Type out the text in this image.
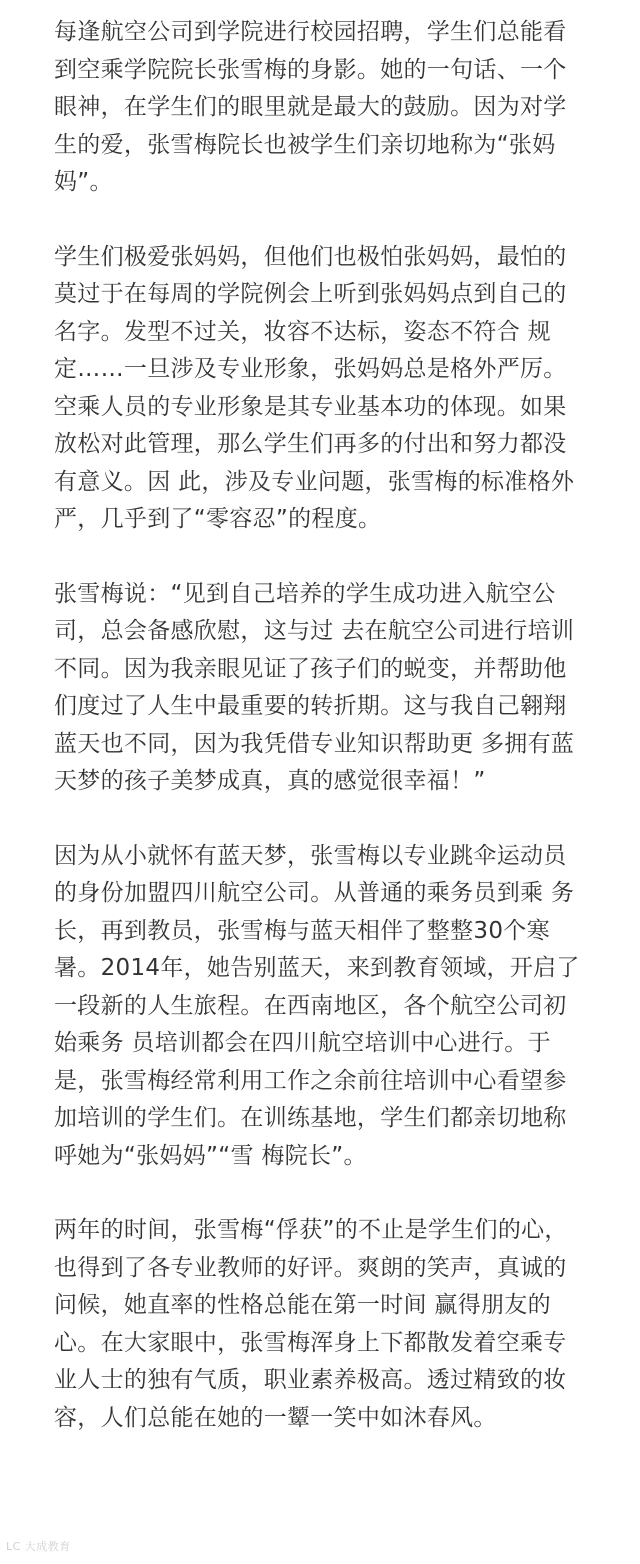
每逢航空公司到学院进行校园招聘，学生们总能看
到空乘学院院长张雪梅的身影。她的一句话、一个
眼神，在学生们的眼里就是最大的鼓励。因为对学
生的爱，张雪梅院长也被学生们亲切地称为“张妈
妈”。

学生们极爱张妈妈，但他们也极怕张妈妈，最怕的
莫过于在每周的学院例会上听到张妈妈点到自己的
名字。发型不过关，妆容不达标，姿态不符合 规
定……一旦涉及专业形象，张妈妈总是格外严厉。
空乘人员的专业形象是其专业基本功的体现。如果
放松对此管理，那么学生们再多的付出和努力都没
有意义。因 此，涉及专业问题，张雪梅的标准格外
严，几乎到了“零容忍”的程度。

张雪梅说：“见到自己培养的学生成功进入航空公
司，总会备感欣慰，这与过 去在航空公司进行培训
不同。因为我亲眼见证了孩子们的蜕变，并帮助他
们度过了人生中最重要的转折期。这与我自己翱翔
蓝天也不同，因为我凭借专业知识帮助更 多拥有蓝
天梦的孩子美梦成真，真的感觉很幸福！”

因为从小就怀有蓝天梦，张雪梅以专业跳伞运动员
的身份加盟四川航空公司。从普通的乘务员到乘 务
长，再到教员，张雪梅与蓝天相伴了整整30个寒
暑。2014年，她告别蓝天，来到教育领域，开启了
一段新的人生旅程。在西南地区，各个航空公司初
始乘务 员培训都会在四川航空培训中心进行。于
是，张雪梅经常利用工作之余前往培训中心看望参
加培训的学生们。在训练基地，学生们都亲切地称
呼她为“张妈妈”“雪 梅院长”。

两年的时间，张雪梅“俘获”的不止是学生们的心，
也得到了各专业教师的好评。爽朗的笑声，真诚的
问候，她直率的性格总能在第一时间 赢得朋友的
心。在大家眼中，张雪梅浑身上下都散发着空乘专
业人士的独有气质，职业素养极高。透过精致的妆
容，人们总能在她的一颦一笑中如沐春风。

LC 大成教育
